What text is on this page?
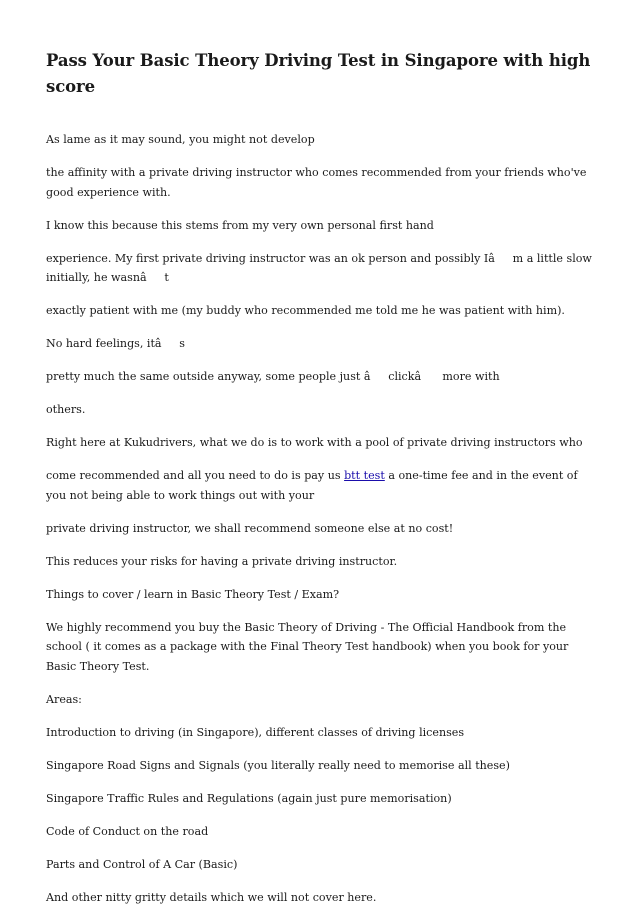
Pass Your Basic Theory Driving Test in Singapore with high score

As lame as it may sound, you might not develop

the affinity with a private driving instructor who comes recommended from your friends who've good experience with.

I know this because this stems from my very own personal first hand

experience. My first private driving instructor was an ok person and possibly Iâm a little slow initially, he wasnât

exactly patient with me (my buddy who recommended me told me he was patient with him).

No hard feelings, itâs

pretty much the same outside anyway, some people just âclickâ more with

others.

Right here at Kukudrivers, what we do is to work with a pool of private driving instructors who

come recommended and all you need to do is pay us btt test a one-time fee and in the event of you not being able to work things out with your

private driving instructor, we shall recommend someone else at no cost!

This reduces your risks for having a private driving instructor.

Things to cover / learn in Basic Theory Test / Exam?

We highly recommend you buy the Basic Theory of Driving - The Official Handbook from the school ( it comes as a package with the Final Theory Test handbook) when you book for your Basic Theory Test.

Areas:

Introduction to driving (in Singapore), different classes of driving licenses

Singapore Road Signs and Signals (you literally really need to memorise all these)

Singapore Traffic Rules and Regulations (again just pure memorisation)

Code of Conduct on the road

Parts and Control of A Car (Basic)

And other nitty gritty details which we will not cover here.
